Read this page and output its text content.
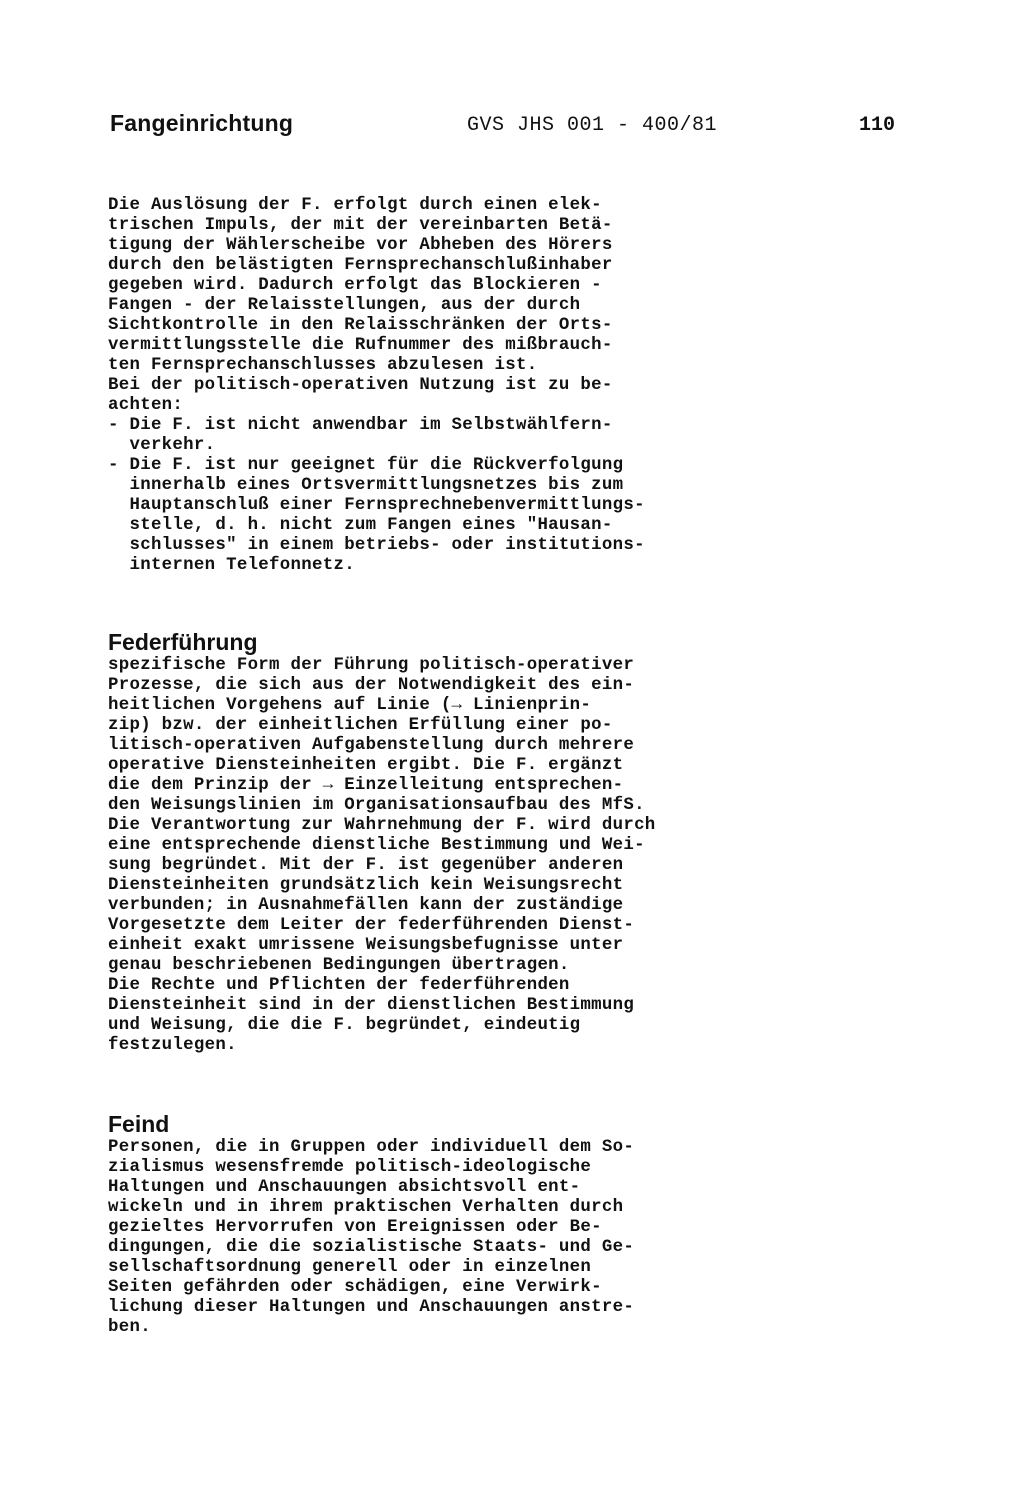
Fangeinrichtung	GVS JHS 001 - 400/81	110
Die Auslösung der F. erfolgt durch einen elek-
trischen Impuls, der mit der vereinbarten Betä-
tigung der Wählerscheibe vor Abheben des Hörers
durch den belästigten Fernsprechanschlußinhaber
gegeben wird. Dadurch erfolgt das Blockieren -
Fangen - der Relaisstellungen, aus der durch
Sichtkontrolle in den Relaisschränken der Orts-
vermittlungsstelle die Rufnummer des mißbrauch-
ten Fernsprechanschlusses abzulesen ist.
Bei der politisch-operativen Nutzung ist zu be-
achten:
- Die F. ist nicht anwendbar im Selbstwählfern-
verkehr.
- Die F. ist nur geeignet für die Rückverfolgung
innerhalb eines Ortsvermittlungsnetzes bis zum
Hauptanschluß einer Fernsprechnebenvermittlungs-
stelle, d. h. nicht zum Fangen eines "Hausan-
schlusses" in einem betriebs- oder institutions-
internen Telefonnetz.
Federführung
spezifische Form der Führung politisch-operativer
Prozesse, die sich aus der Notwendigkeit des ein-
heitlichen Vorgehens auf Linie (→ Linienprin-
zip) bzw. der einheitlichen Erfüllung einer po-
litisch-operativen Aufgabenstellung durch mehrere
operative Diensteinheiten ergibt. Die F. ergänzt
die dem Prinzip der → Einzelleitung entsprechen-
den Weisungslinien im Organisationsaufbau des MfS.
Die Verantwortung zur Wahrnehmung der F. wird durch
eine entsprechende dienstliche Bestimmung und Wei-
sung begründet. Mit der F. ist gegenüber anderen
Diensteinheiten grundsätzlich kein Weisungsrecht
verbunden; in Ausnahmefällen kann der zuständige
Vorgesetzte dem Leiter der federführenden Dienst-
einheit exakt umrissene Weisungsbefugnisse unter
genau beschriebenen Bedingungen übertragen.
Die Rechte und Pflichten der federführenden
Diensteinheit sind in der dienstlichen Bestimmung
und Weisung, die die F. begründet, eindeutig
festzulegen.
Feind
Personen, die in Gruppen oder individuell dem So-
zialismus wesensfremde politisch-ideologische
Haltungen und Anschauungen absichtsvoll ent-
wickeln und in ihrem praktischen Verhalten durch
gezieltes Hervorrufen von Ereignissen oder Be-
dingungen, die die sozialistische Staats- und Ge-
sellschaftsordnung generell oder in einzelnen
Seiten gefährden oder schädigen, eine Verwirk-
lichung dieser Haltungen und Anschauungen anstre-
ben.
